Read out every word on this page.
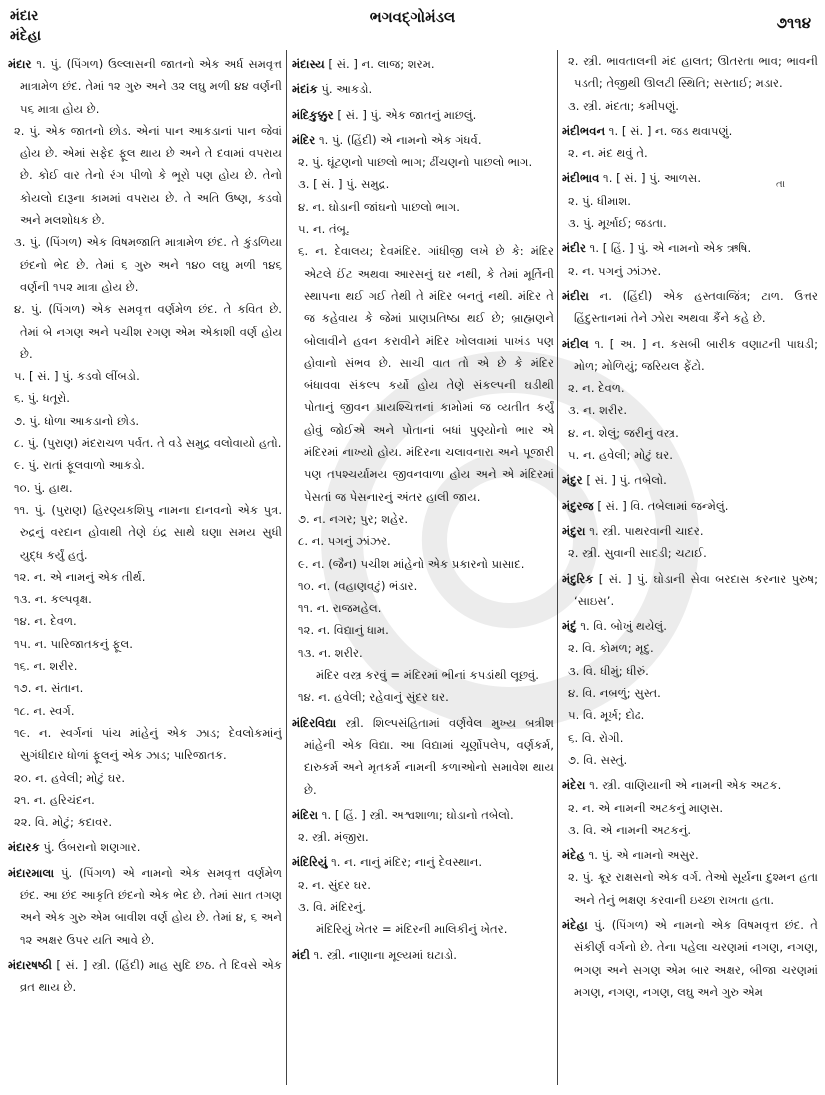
મંદાર
મંદેહા
ભગવદ્ગોમંડલ	૭૧૧૪
મંદાર ૧. પું. (પિંગળ) ઉલ્લાસની જાતનો એક અર્ધ સમવૃત્ત માત્રામેળ છંદ. તેમાં ૧૨ ગુરુ અને ૩૨ લઘુ મળી ૪૪ વર્ણની ૫૬ માત્રા હોય છે.
૨. પું. એક જાતનો છોડ. એનાં પાન આકડાનાં પાન જેવાં હોય છે. એમાં સફેદ ફૂલ થાય છે અને તે દવામાં વપરાય છે. કોઈ વાર તેનો રંગ પીળો કે ભૂરો પણ હોય છે. તેનો કોયલો દારૂના કામમાં વપરાય છે. તે અતિ ઉષ્ણ, કડવો અને મલશોધક છે.
૩. પું. (પિંગળ) એક વિષમજાતિ માત્રામેળ છંદ. તે કુંડળિયા છંદનો ભેદ છે. તેમાં ૬ ગુરુ અને ૧૪૦ લઘુ મળી ૧૪૬ વર્ણની ૧૫૨ માત્રા હોય છે.
૪. પું. (પિંગળ) એક સમવૃત્ત વર્ણમેળ છંદ. તે કવિત છે. તેમાં બે નગણ અને પચીશ રગણ એમ એકાશી વર્ણ હોય છે.
૫. [ સં. ] પું. કડવો લીંબડો.
૬. પું. ધતૂરો.
૭. પું. ધોળા આકડાનો છોડ.
૮. પું. (પુરાણ) મંદરાચળ પર્વત. તે વડે સમુદ્ર વલોવાયો હતો.
૯. પું. રાતાં ફૂલવાળો આકડો.
૧૦. પું. હાથ.
૧૧. પું. (પુરાણ) હિરણ્યકશિપુ નામના દાનવનો એક પુત્ર. રુદ્રનું વરદાન હોવાથી તેણે ઇંદ્ર સાથે ઘણા સમય સુધી યુદ્ધ કર્યું હતું.
૧૨. ન. એ નામનું એક તીર્થ.
૧૩. ન. કલ્પવૃક્ષ.
૧૪. ન. દેવળ.
૧૫. ન. પારિજાતકનું ફૂલ.
૧૬. ન. શરીર.
૧૭. ન. સંતાન.
૧૮. ન. સ્વર્ગ.
૧૯. ન. સ્વર્ગનાં પાંચ માંહેનું એક ઝાડ; દેવલોકમાંનું સુગંધીદાર ધોળાં ફૂલનું એક ઝાડ; પારિજાતક.
૨૦. ન. હવેલી; મોટું ઘર.
૨૧. ન. હરિચંદન.
૨૨. વિ. મોટું; કદાવર.
મંદારક પું. ઉંબરાનો શણગાર.
મંદારમાલા પું. (પિંગળ) એ નામનો એક સમવૃત્ત વર્ણમેળ છંદ. આ છંદ આકૃતિ છંદનો એક ભેદ છે. તેમાં સાત તગણ અને એક ગુરુ એમ બાવીશ વર્ણ હોય છે. તેમાં ૪, ૬ અને ૧૨ અક્ષર ઉપર યતિ આવે છે.
મંદારષષ્ઠી [ સં. ] સ્ત્રી. (હિંદી) માહ સુદિ છઠ. તે દિવસે એક વ્રત થાય છે.
મંદાસ્ય [ સં. ] ન. લાજ; શરમ.
મંદાંક પું. આકડો.
મંદિકુક્કુર [ સં. ] પું. એક જાતનું માછલું.
મંદિર ૧. પું. (હિંદી) એ નામનો એક ગંધર્વ.
૨. પું. ઘૂંટણનો પાછલો ભાગ; ઢીંચણનો પાછલો ભાગ.
૩. [ સં. ] પું. સમુદ્ર.
૪. ન. ઘોડાની જાંઘનો પાછલો ભાગ.
૫. ન. તંબૂ.
૬. ન. દેવાલય; દેવમંદિર. ગાંધીજી લખે છે કે: મંદિર એટલે ઈંટ અથવા આરસનું ઘર નથી, કે તેમાં મૂર્તિની સ્થાપના થઈ ગઈ તેથી તે મંદિર બનતું નથી. મંદિર તે જ કહેવાય કે જેમાં પ્રાણપ્રતિષ્ઠા થઈ છે; બ્રાહ્મણને બોલાવીને હવન કરાવીને મંદિર ખોલવામાં પાખંડ પણ હોવાનો સંભવ છે. સાચી વાત તો એ છે કે મંદિર બંધાવવા સંકલ્પ કર્યો હોય તેણે સંકલ્પની ઘડીથી પોતાનું જીવન પ્રાયશ્ચિત્તનાં કામોમાં જ વ્યતીત કર્યું હોવું જોઈએ અને પોતાનાં બધાં પુણ્યોનો ભાર એ મંદિરમાં નાખ્યો હોય. મંદિરના ચલાવનારા અને પૂજારી પણ તપશ્ચર્યામય જીવનવાળા હોય અને એ મંદિરમાં પેસતાં જ પેસનારનું અંતર હાલી જાય.
૭. ન. નગર; પુર; શહેર.
૮. ન. પગનું ઝાંઝર.
૯. ન. (જૈન) પચીશ માંહેનો એક પ્રકારનો પ્રાસાદ.
૧૦. ન. (વહાણવટું) ભંડાર.
૧૧. ન. રાજમહેલ.
૧૨. ન. વિદ્યાનું ધામ.
૧૩. ન. શરીર.
મંદિર વસ્ત્ર કરવું = મંદિરમાં ભીનાં કપડાંથી લૂછવું.
૧૪. ન. હવેલી; રહેવાનું સુંદર ઘર.
મંદિરવિદ્યા સ્ત્રી. શિલ્પસંહિતામાં વર્ણવેલ મુખ્ય બત્રીશ માંહેની એક વિદ્યા. આ વિદ્યામાં ચૂર્ણોપલેપ, વર્ણકર્મ, દારુકર્મ અને મૃતકર્મ નામની કળાઓનો સમાવેશ થાય છે.
મંદિરા ૧. [ હિં. ] સ્ત્રી. અશ્વશાળા; ઘોડાનો તબેલો.
૨. સ્ત્રી. મંજીરા.
મંદિરિયું ૧. ન. નાનું મંદિર; નાનું દેવસ્થાન.
૨. ન. સુંદર ઘર.
૩. વિ. મંદિરનું.
મંદિરિયું ખેતર = મંદિરની માલિકીનું ખેતર.
મંદી ૧. સ્ત્રી. નાણાના મૂલ્યમાં ઘટાડો.
૨. સ્ત્રી. ભાવતાલની મંદ હાલત; ઊતરતા ભાવ; ભાવની પડતી; તેજીથી ઊલટી સ્થિતિ; સસ્તાઈ; મડાર.
૩. સ્ત્રી. મંદતા; કમીપણું.
મંદીભવન ૧. [ સં. ] ન. જડ થવાપણું.
૨. ન. મંદ થવું તે.
મંદીભાવ ૧. [ સં. ] પું. આળસ.
૨. પું. ધીમાશ.
૩. પું. મૂર્ખાઈ; જડતા.
મંદીર ૧. [ હિં. ] પું. એ નામનો એક ઋષિ.
૨. ન. પગનું ઝાંઝર.
મંદીરા ન. (હિંદી) એક હસ્તવાજિંત્ર; ટાળ. ઉત્તર હિંદુસ્તાનમાં તેને ઝોરા અથવા કૈંને કહે છે.
મંદીલ ૧. [ અ. ] ન. કસબી બારીક વણાટની પાઘડી; મોળ; મોળિયું; જરિયલ ફેંટો.
૨. ન. દેવળ.
૩. ન. શરીર.
૪. ન. શેલું; જરીનું વસ્ત્ર.
૫. ન. હવેલી; મોટું ઘર.
મંદુર [ સં. ] પું. તબેલો.
મંદુરજ [ સં. ] વિ. તબેલામાં જન્મેલું.
મંદુરા ૧. સ્ત્રી. પાથરવાની ચાદર.
૨. સ્ત્રી. સુવાની સાદડી; ચટાઈ.
મંદુરિક [ સં. ] પું. ઘોડાની સેવા બરદાસ કરનાર પુરુષ; ‘સાઇસ’.
મંદું ૧. વિ. બોખું થયેલું.
૨. વિ. કોમળ; મૃદુ.
૩. વિ. ધીમું; ધીરું.
૪. વિ. નબળું; સુસ્ત.
૫. વિ. મૂર્ખ; દોઢ.
૬. વિ. રોગી.
૭. વિ. સસ્તું.
મંદેરા ૧. સ્ત્રી. વાણિયાની એ નામની એક અટક.
૨. ન. એ નામની અટકનું માણસ.
૩. વિ. એ નામની અટકનું.
મંદેહ ૧. પું. એ નામનો અસુર.
૨. પું. ક્રૂર રાક્ષસનો એક વર્ગ. તેઓ સૂર્યના દુશ્મન હતા અને તેનું ભક્ષણ કરવાની ઇચ્છા રાખતા હતા.
મંદેહા પું. (પિંગળ) એ નામનો એક વિષમવૃત્ત છંદ. તે સંકીર્ણ વર્ગનો છે. તેના પહેલા ચરણમાં નગણ, નગણ, ભગણ અને સગણ એમ બાર અક્ષર, બીજા ચરણમાં મગણ, નગણ, નગણ, લઘુ અને ગુરુ એમ
તા
